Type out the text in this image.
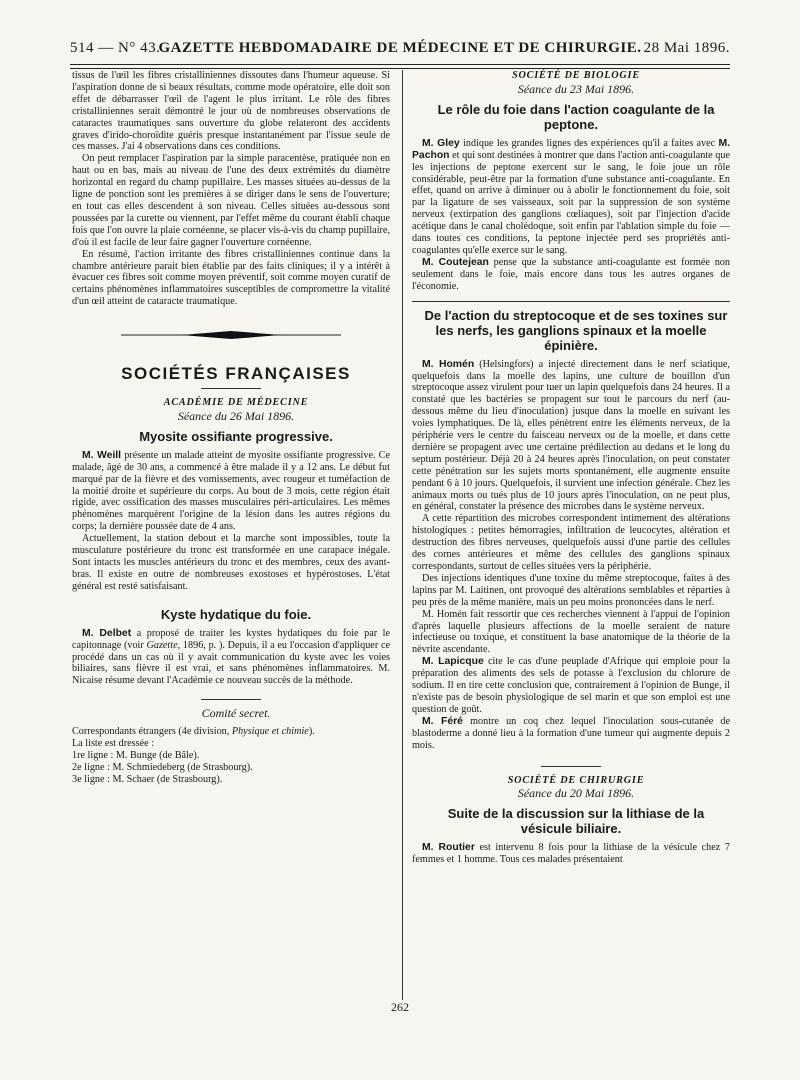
514 — N° 43.
GAZETTE HEBDOMADAIRE DE MÉDECINE ET DE CHIRURGIE. 28 Mai 1896.

tissus de l'œil les fibres cristalliniennes dissoutes dans l'humeur aqueuse. Si l'aspiration donne de si beaux résultats, comme mode opératoire, elle doit son effet de débarrasser l'œil de l'agent le plus irritant. Le rôle des fibres cristalliniennes serait démontré le jour où de nombreuses observations de cataractes traumatiques sans ouverture du globe relateront des accidents graves d'irido-choroïdite guéris presque instantanément par l'issue seule de ces masses. J'ai 4 observations dans ces conditions.

On peut remplacer l'aspiration par la simple paracentèse, pratiquée non en haut ou en bas, mais au niveau de l'une des deux extrémités du diamètre horizontal en regard du champ pupillaire. Les masses situées au-dessus de la ligne de ponction sont les premières à se diriger dans le sens de l'ouverture; en tout cas elles descendent à son niveau. Celles situées au-dessous sont poussées par la curette ou viennent, par l'effet même du courant établi chaque fois que l'on ouvre la plaie cornéenne, se placer vis-à-vis du champ pupillaire, d'où il est facile de leur faire gagner l'ouverture cornéenne.

En résumé, l'action irritante des fibres cristalliniennes continue dans la chambre antérieure parait bien établie par des faits cliniques; il y a intérêt à évacuer ces fibres soit comme moyen préventif, soit comme moyen curatif de certains phénomènes inflammatoires susceptibles de compromettre la vitalité d'un œil atteint de cataracte traumatique.

SOCIÉTÉS FRANÇAISES

ACADÉMIE DE MÉDECINE

Séance du 26 Mai 1896.

Myosite ossifiante progressive.

M. Weill présente un malade atteint de myosite ossifiante progressive. Ce malade, âgé de 30 ans, a commencé à être malade il y a 12 ans. Le début fut marqué par de la fièvre et des vomissements, avec rougeur et tuméfaction de la moitié droite et supérieure du corps. Au bout de 3 mois, cette région était rigide, avec ossification des masses musculaires péri-articulaires. Les mêmes phénomènes marquèrent l'origine de la lésion dans les autres régions du corps; la dernière poussée date de 4 ans.

Actuellement, la station debout et la marche sont impossibles, toute la musculature postérieure du tronc est transformée en une carapace inégale. Sont intacts les muscles antérieurs du tronc et des membres, ceux des avant-bras. Il existe en outre de nombreuses exostoses et hypérostoses. L'état général est resté satisfaisant.

Kyste hydatique du foie.

M. Delbet a proposé de traiter les kystes hydatiques du foie par le capitonnage (voir Gazette, 1896, p. ). Depuis, il a eu l'occasion d'appliquer ce procédé dans un cas où il y avait communication du kyste avec les voies biliaires, sans fièvre il est vrai, et sans phénomènes inflammatoires. M. Nicaise résume devant l'Académie ce nouveau succès de la méthode.

Comité secret.

Correspondants étrangers (4e division, Physique et chimie).

La liste est dressée :

1re ligne : M. Bunge (de Bâle).

2e ligne : M. Schmiedeberg (de Strasbourg).

3e ligne : M. Schaer (de Strasbourg).

SOCIÉTÉ DE BIOLOGIE

Séance du 23 Mai 1896.

Le rôle du foie dans l'action coagulante de la peptone.

M. Gley indique les grandes lignes des expériences qu'il a faites avec M. Pachon et qui sont destinées à montrer que dans l'action anti-coagulante que les injections de peptone exercent sur le sang, le foie joue un rôle considérable, peut-être par la formation d'une substance anti-coagulante. En effet, quand on arrive à diminuer ou à abolir le fonctionnement du foie, soit par la ligature de ses vaisseaux, soit par la suppression de son système nerveux (extirpation des ganglions cœliaques), soit par l'injection d'acide acétique dans le canal cholédoque, soit enfin par l'ablation simple du foie — dans toutes ces conditions, la peptone injectée perd ses propriétés anti-coagulantes qu'elle exerce sur le sang.

M. Coutejean pense que la substance anti-coagulante est formée non seulement dans le foie, mais encore dans tous les autres organes de l'économie.

De l'action du streptocoque et de ses toxines sur les nerfs, les ganglions spinaux et la moelle épinière.

M. Homén (Helsingfors) a injecté directement dans le nerf sciatique, quelquefois dans la moelle des lapins, une culture de bouillon d'un streptocoque assez virulent pour tuer un lapin quelquefois dans 24 heures. Il a constaté que les bactéries se propagent sur tout le parcours du nerf (au-dessous même du lieu d'inoculation) jusque dans la moelle en suivant les voies lymphatiques. De là, elles pénètrent entre les éléments nerveux, de la périphérie vers le centre du faisceau nerveux ou de la moelle, et dans cette dernière se propagent avec une certaine prédilection au dedans et le long du septum postérieur. Déjà 20 à 24 heures après l'inoculation, on peut constater cette pénétration sur les sujets morts spontanément, elle augmente ensuite pendant 6 à 10 jours. Quelquefois, il survient une infection générale. Chez les animaux morts ou tués plus de 10 jours après l'inoculation, on ne peut plus, en général, constater la présence des microbes dans le système nerveux.

A cette répartition des microbes correspondent intimement des altérations histologiques : petites hémorragies, infiltration de leucocytes, altération et destruction des fibres nerveuses, quelquefois aussi d'une partie des cellules des cornes antérieures et même des cellules des ganglions spinaux correspondants, surtout de celles situées vers la périphérie.

Des injections identiques d'une toxine du même streptocoque, faites à des lapins par M. Laitinen, ont provoqué des altérations semblables et réparties à peu près de la même manière, mais un peu moins prononcées dans le nerf.

M. Homén fait ressortir que ces recherches viennent à l'appui de l'opinion d'après laquelle plusieurs affections de la moelle seraient de nature infectieuse ou toxique, et constituent la base anatomique de la théorie de la névrite ascendante.

M. Lapicque cite le cas d'une peuplade d'Afrique qui emploie pour la préparation des aliments des sels de potasse à l'exclusion du chlorure de sodium. Il en tire cette conclusion que, contrairement à l'opinion de Bunge, il n'existe pas de besoin physiologique de sel marin et que son emploi est une question de goût.

M. Féré montre un coq chez lequel l'inoculation sous-cutanée de blastoderme a donné lieu à la formation d'une tumeur qui augmente depuis 2 mois.

SOCIÉTÉ DE CHIRURGIE

Séance du 20 Mai 1896.

Suite de la discussion sur la lithiase de la vésicule biliaire.

M. Routier est intervenu 8 fois pour la lithiase de la vésicule chez 7 femmes et 1 homme. Tous ces malades présentaient

262
